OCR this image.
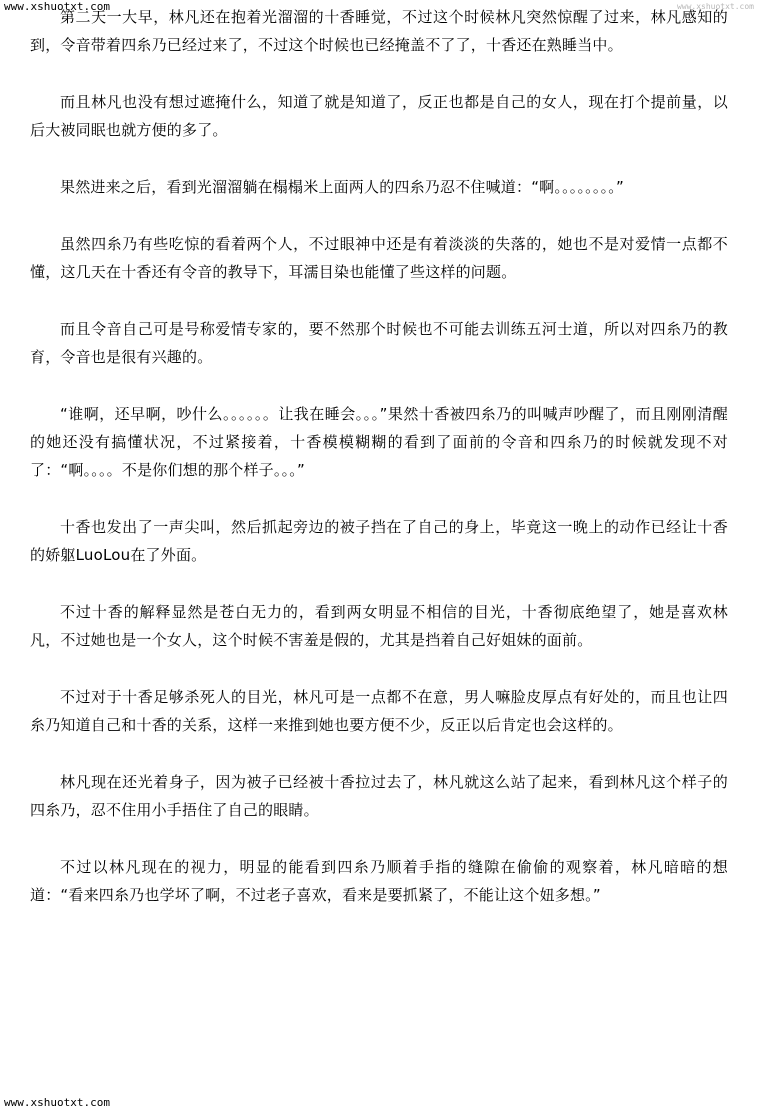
www.xshuotxt.com	www.xshuotxt.com

第二天一大早，林凡还在抱着光溜溜的十香睡觉，不过这个时候林凡突然惊醒了过来，林凡感知的到，令音带着四糸乃已经过来了，不过这个时候也已经掩盖不了了，十香还在熟睡当中。

而且林凡也没有想过遮掩什么，知道了就是知道了，反正也都是自己的女人，现在打个提前量，以后大被同眠也就方便的多了。

果然进来之后，看到光溜溜躺在榻榻米上面两人的四糸乃忍不住喊道：“啊。。。。。。。。”

虽然四糸乃有些吃惊的看着两个人，不过眼神中还是有着淡淡的失落的，她也不是对爱情一点都不懂，这几天在十香还有令音的教导下，耳濡目染也能懂了些这样的问题。

而且令音自己可是号称爱情专家的，要不然那个时候也不可能去训练五河士道，所以对四糸乃的教育，令音也是很有兴趣的。

“谁啊，还早啊，吵什么。。。。。。让我在睡会。。。”果然十香被四糸乃的叫喊声吵醒了，而且刚刚清醒的她还没有搞懂状况，不过紧接着，十香模模糊糊的看到了面前的令音和四糸乃的时候就发现不对了：“啊。。。。不是你们想的那个样子。。。”

十香也发出了一声尖叫，然后抓起旁边的被子挡在了自己的身上，毕竟这一晚上的动作已经让十香的娇躯LuoLou在了外面。

不过十香的解释显然是苍白无力的，看到两女明显不相信的目光，十香彻底绝望了，她是喜欢林凡，不过她也是一个女人，这个时候不害羞是假的，尤其是挡着自己好姐妹的面前。

不过对于十香足够杀死人的目光，林凡可是一点都不在意，男人嘛脸皮厚点有好处的，而且也让四糸乃知道自己和十香的关系，这样一来推到她也要方便不少，反正以后肯定也会这样的。

林凡现在还光着身子，因为被子已经被十香拉过去了，林凡就这么站了起来，看到林凡这个样子的四糸乃，忍不住用小手捂住了自己的眼睛。

不过以林凡现在的视力，明显的能看到四糸乃顺着手指的缝隙在偷偷的观察着，林凡暗暗的想道：“看来四糸乃也学坏了啊，不过老子喜欢，看来是要抓紧了，不能让这个妞多想。”

www.xshuotxt.com
